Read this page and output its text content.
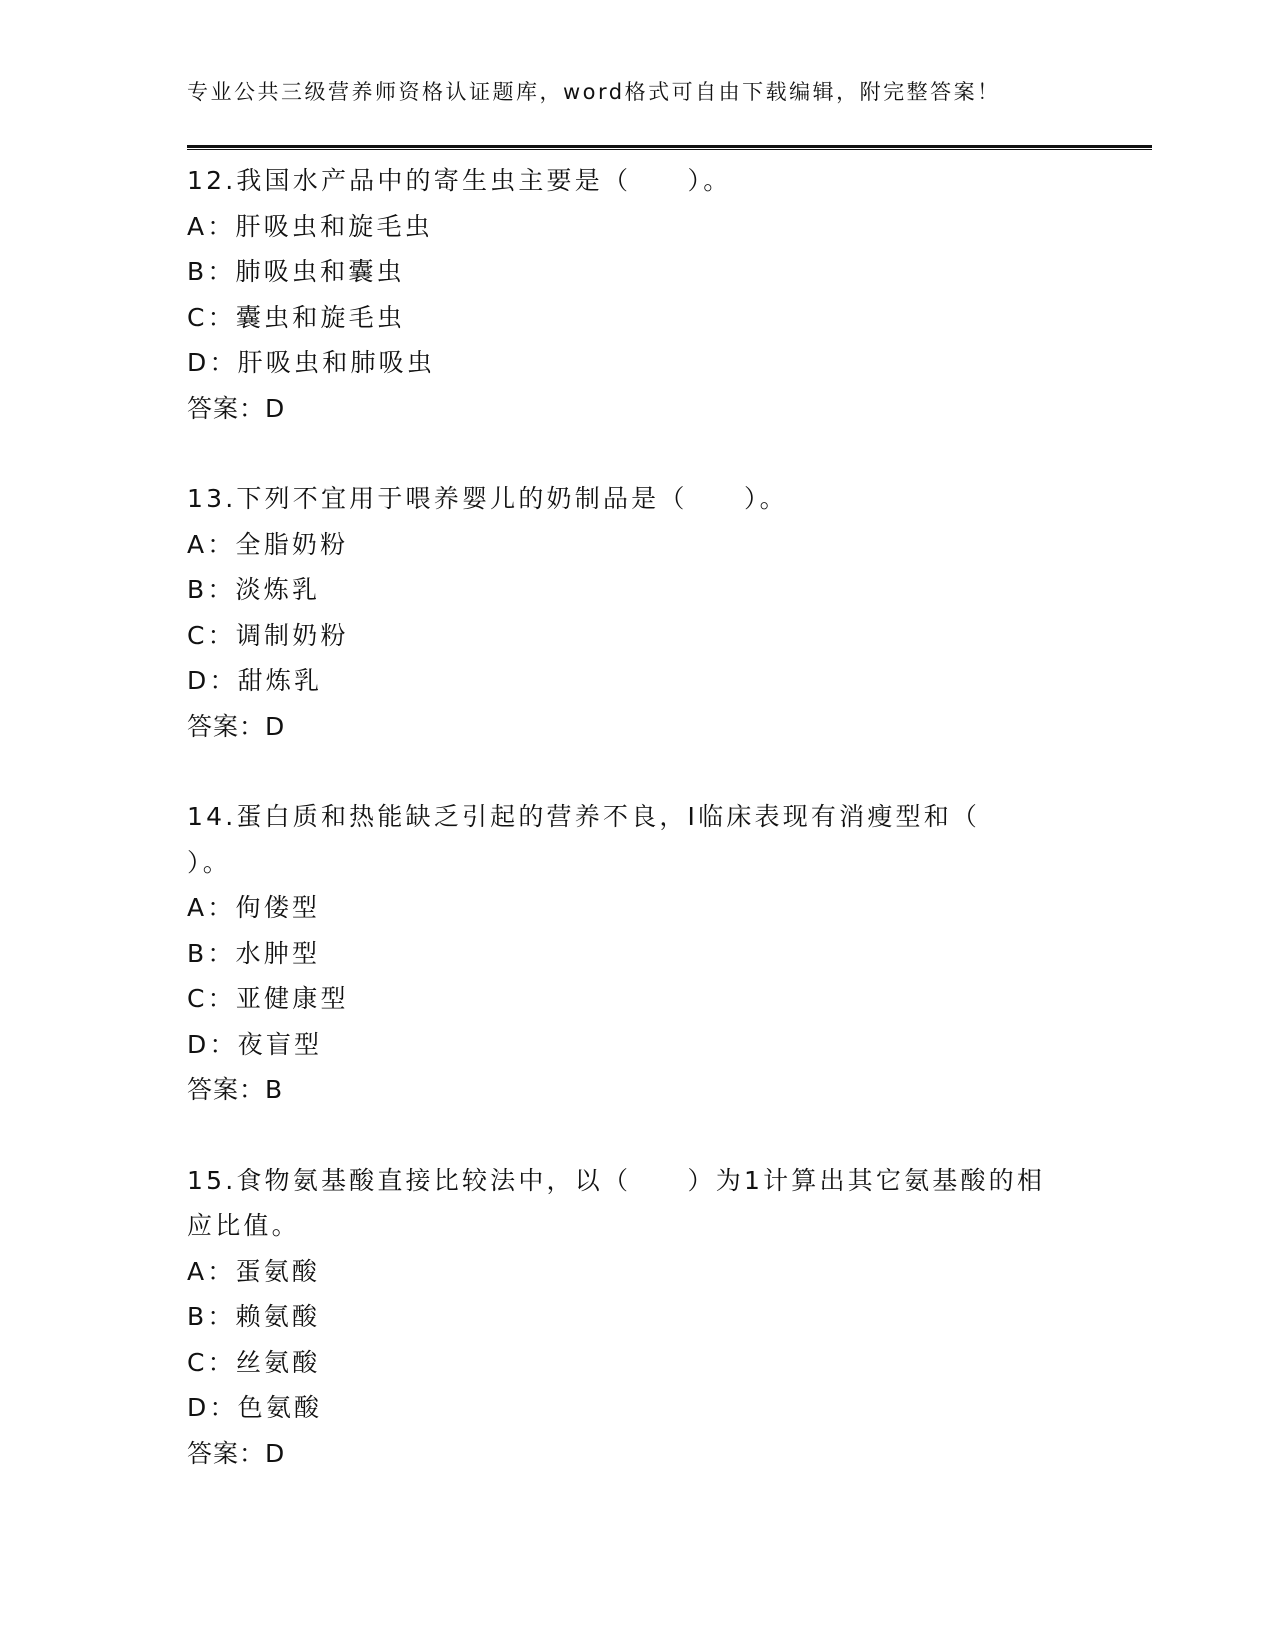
专业公共三级营养师资格认证题库，word格式可自由下载编辑，附完整答案！
12.我国水产品中的寄生虫主要是（　　）。
A：肝吸虫和旋毛虫
B：肺吸虫和囊虫
C：囊虫和旋毛虫
D：肝吸虫和肺吸虫
答案：D
13.下列不宜用于喂养婴儿的奶制品是（　　）。
A：全脂奶粉
B：淡炼乳
C：调制奶粉
D：甜炼乳
答案：D
14.蛋白质和热能缺乏引起的营养不良，I临床表现有消瘦型和（
）。
A：佝偻型
B：水肿型
C：亚健康型
D：夜盲型
答案：B
15.食物氨基酸直接比较法中，以（　　）为1计算出其它氨基酸的相
应比值。
A：蛋氨酸
B：赖氨酸
C：丝氨酸
D：色氨酸
答案：D
